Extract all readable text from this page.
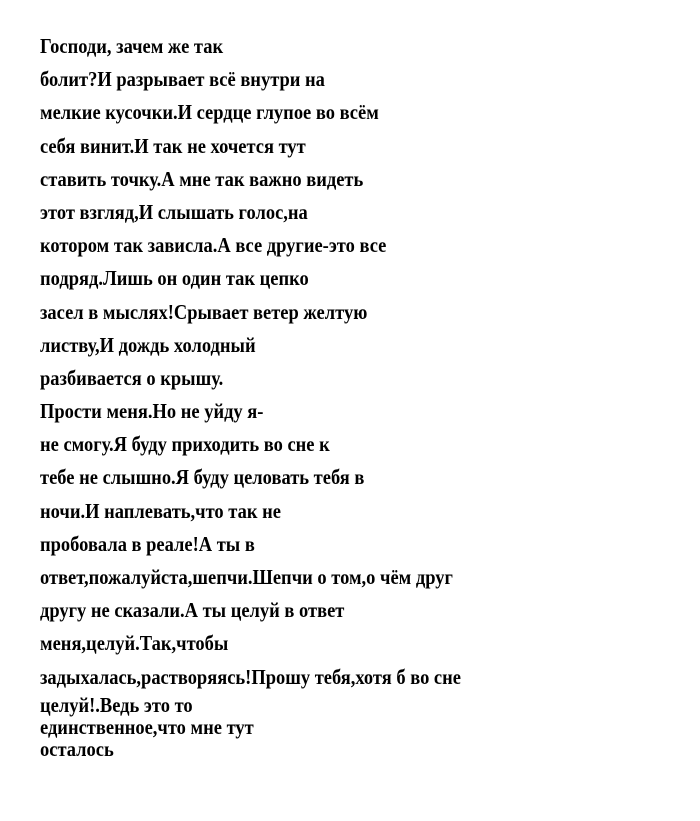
Господи, зачем же так
болит?И разрывает всё внутри на
мелкие кусочки.И сердце глупое во всём
себя винит.И так не хочется тут
ставить точку.А мне так важно видеть
этот взгляд,И слышать голос,на
котором так зависла.А все другие-это все
подряд.Лишь он один так цепко
засел в мыслях!Срывает ветер желтую
листву,И дождь холодный
разбивается о крышу.
Прости меня.Но не уйду я-
не смогу.Я буду приходить во сне к
тебе не слышно.Я буду целовать тебя в
ночи.И наплевать,что так не
пробовала в реале!А ты в
ответ,пожалуйста,шепчи.Шепчи о том,о чём друг
другу не сказали.А ты целуй в ответ
меня,целуй.Так,чтобы
задыхалась,растворяясь!Прошу тебя,хотя б во сне
целуй!.Ведь это то
единственное,что мне тут
осталось
